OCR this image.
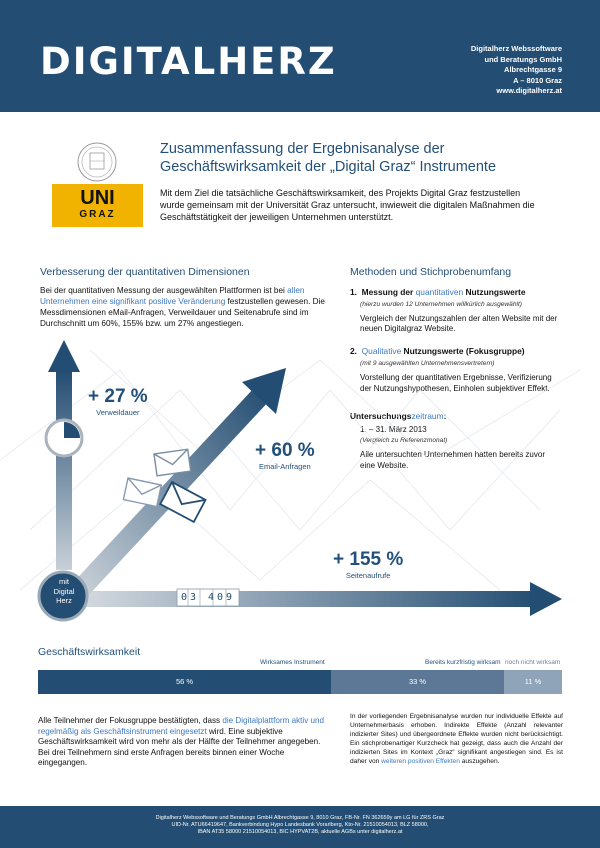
DIGITALHERZ	Digitalherz Webssoftware
und Beratungs GmbH
Albrechtgasse 9
A – 8010 Graz
www.digitalherz.at
UNI
GRAZ
Zusammenfassung der Ergebnisanalyse der
Geschäftswirksamkeit der „Digital Graz“ Instrumente
Mit dem Ziel die tatsächliche Geschäftswirksamkeit, des Projekts Digital Graz festzustellen wurde gemeinsam mit der Universität Graz untersucht, inwieweit die digitalen Maßnahmen die Geschäftstätigkeit der jeweiligen Unternehmen unterstützt.
Verbesserung der quantitativen Dimensionen
Bei der quantitativen Messung der ausgewählten Plattformen ist bei allen Unternehmen eine signifikant positive Veränderung festzustellen gewesen. Die Messdimensionen eMail-Anfragen, Verweildauer und Seitenabrufe sind im Durchschnitt um 60%, 155% bzw. um 27% angestiegen.
Methoden und Stichprobenumfang
1. Messung der quantitativen Nutzungswerte
(hierzu wurden 12 Unternehmen willkürlich ausgewählt)
Vergleich der Nutzungszahlen der alten Website mit der neuen Digitalgraz Website.
2. Qualitative Nutzungswerte (Fokusgruppe)
(mit 9 ausgewählten Unternehmensvertretern)
Vorstellung der quantitativen Ergebnisse, Verifizierung der Nutzungshypothesen, Einholen subjektiver Effekt.
Untersuchungszeitraum:
1. – 31. März 2013
(Vergleich zu Referenzmonat)
Alle untersuchten Unternehmen hatten bereits zuvor eine Website.
mit
Digital
Herz	03 409
+ 27 %
Verweildauer
+ 60 %
Email-Anfragen
+ 155 %
Seitenaufrufe
Geschäftswirksamkeit
Wirksames Instrument	Bereits kurzfristig wirksam noch nicht wirksam
56 %	33 %	11 %
Alle Teilnehmer der Fokusgruppe bestätigten, dass die Digitalplattform aktiv und regelmäßig als Geschäftsinstrument eingesetzt wird. Eine subjektive Geschäftswirksamkeit wird von mehr als der Hälfte der Teilnehmer angegeben. Bei drei Teilnehmern sind erste Anfragen bereits binnen einer Woche eingegangen.
In der vorliegenden Ergebnisanalyse wurden nur individuelle Effekte auf Unternehmerbasis erhoben. Indirekte Effekte (Anzahl relevanter indizierter Sites) und übergeordnete Effekte wurden nicht berücksichtigt. Ein stichprobenartiger Kurzcheck hat gezeigt, dass auch die Anzahl der indizierten Sites im Kontext „Graz“ signifikant angestiegen sind. Es ist daher von weiteren positiven Effekten auszugehen.
Digitalherz Webssoftware und Beratungs GmbH Albrechtgasse 9, 8010 Graz, FB-Nr. FN 362659y am LG für ZRS Graz
UID-Nr. ATU66419647, Bankverbindung Hypo Landesbank Vorarlberg, Kto-Nr. 21510054013, BLZ 58000,
IBAN AT35 58000 21510054013, BIC HYPVAT2B, aktuelle AGBs unter digitalherz.at
